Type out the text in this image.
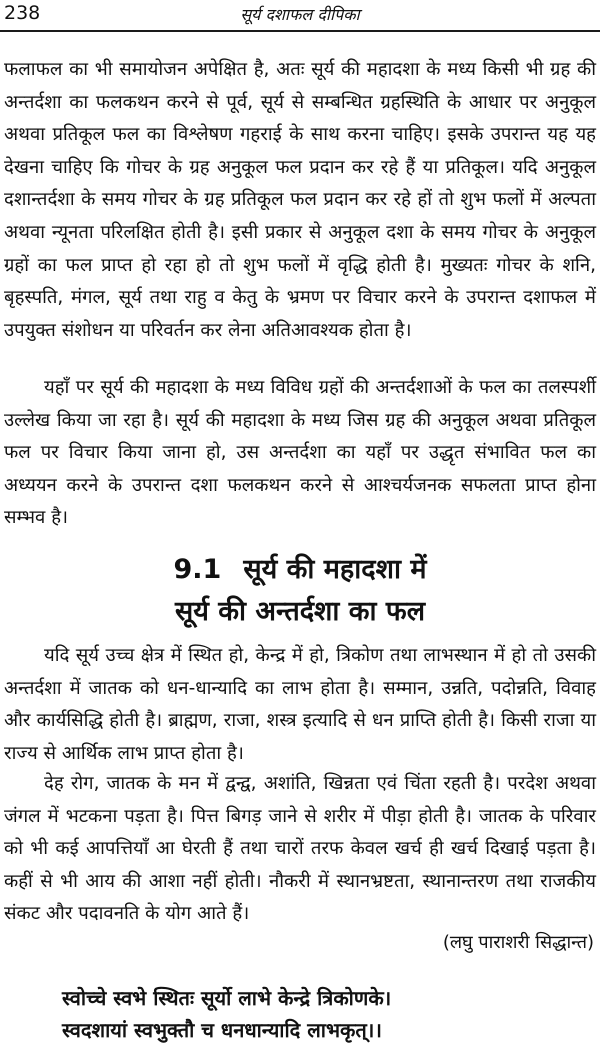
238	सूर्य दशाफल दीपिका

फलाफल का भी समायोजन अपेक्षित है, अतः सूर्य की महादशा के मध्य किसी भी ग्रह की अन्तर्दशा का फलकथन करने से पूर्व, सूर्य से सम्बन्धित ग्रहस्थिति के आधार पर अनुकूल अथवा प्रतिकूल फल का विश्लेषण गहराई के साथ करना चाहिए। इसके उपरान्त यह यह देखना चाहिए कि गोचर के ग्रह अनुकूल फल प्रदान कर रहे हैं या प्रतिकूल। यदि अनुकूल दशान्तर्दशा के समय गोचर के ग्रह प्रतिकूल फल प्रदान कर रहे हों तो शुभ फलों में अल्पता अथवा न्यूनता परिलक्षित होती है। इसी प्रकार से अनुकूल दशा के समय गोचर के अनुकूल ग्रहों का फल प्राप्त हो रहा हो तो शुभ फलों में वृद्धि होती है। मुख्यतः गोचर के शनि, बृहस्पति, मंगल, सूर्य तथा राहु व केतु के भ्रमण पर विचार करने के उपरान्त दशाफल में उपयुक्त संशोधन या परिवर्तन कर लेना अतिआवश्यक होता है।

यहाँ पर सूर्य की महादशा के मध्य विविध ग्रहों की अन्तर्दशाओं के फल का तलस्पर्शी उल्लेख किया जा रहा है। सूर्य की महादशा के मध्य जिस ग्रह की अनुकूल अथवा प्रतिकूल फल पर विचार किया जाना हो, उस अन्तर्दशा का यहाँ पर उद्धृत संभावित फल का अध्ययन करने के उपरान्त दशा फलकथन करने से आश्चर्यजनक सफलता प्राप्त होना सम्भव है।

9.1 सूर्य की महादशा में
सूर्य की अन्तर्दशा का फल

यदि सूर्य उच्च क्षेत्र में स्थित हो, केन्द्र में हो, त्रिकोण तथा लाभस्थान में हो तो उसकी अन्तर्दशा में जातक को धन-धान्यादि का लाभ होता है। सम्मान, उन्नति, पदोन्नति, विवाह और कार्यसिद्धि होती है। ब्राह्मण, राजा, शस्त्र इत्यादि से धन प्राप्ति होती है। किसी राजा या राज्य से आर्थिक लाभ प्राप्त होता है।

देह रोग, जातक के मन में द्वन्द्व, अशांति, खिन्नता एवं चिंता रहती है। परदेश अथवा जंगल में भटकना पड़ता है। पित्त बिगड़ जाने से शरीर में पीड़ा होती है। जातक के परिवार को भी कई आपत्तियाँ आ घेरती हैं तथा चारों तरफ केवल खर्च ही खर्च दिखाई पड़ता है। कहीं से भी आय की आशा नहीं होती। नौकरी में स्थानभ्रष्टता, स्थानान्तरण तथा राजकीय संकट और पदावनति के योग आते हैं।

(लघु पाराशरी सिद्धान्त)

स्वोच्चे स्वभे स्थितः सूर्यो लाभे केन्द्रे त्रिकोणके।

स्वदशायां स्वभुक्तौ च धनधान्यादि लाभकृत्।।
